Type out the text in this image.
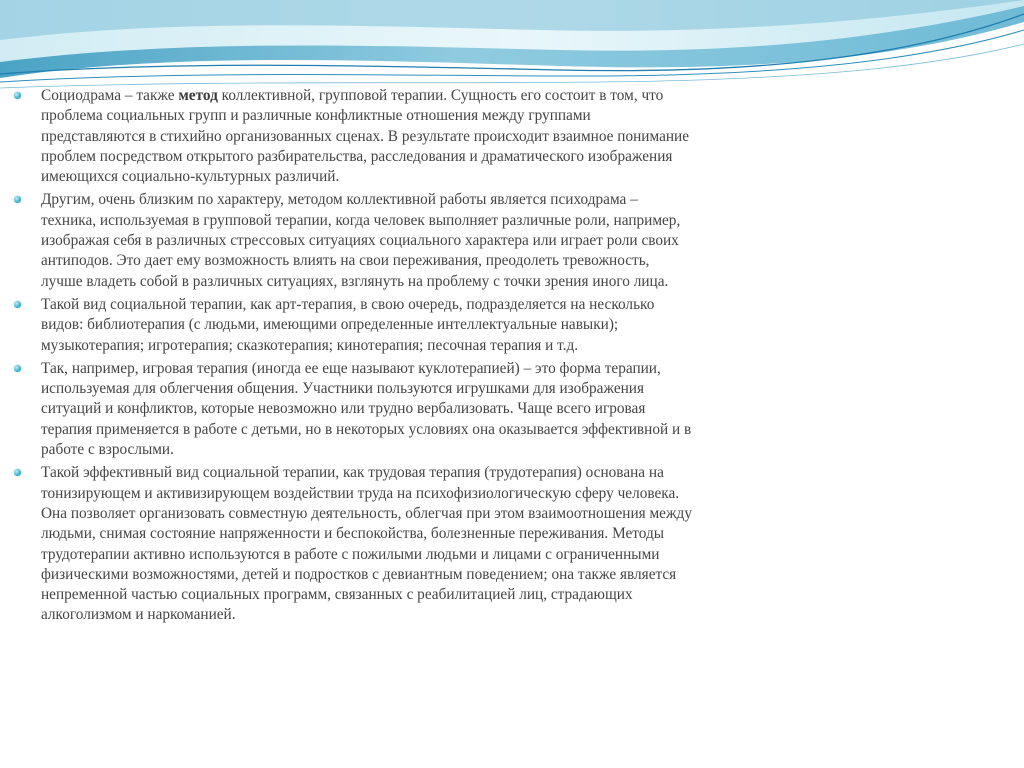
Социодрама – также метод коллективной, групповой терапии. Сущность его состоит в том, что проблема социальных групп и различные конфликтные отношения между группами представляются в стихийно организованных сценах. В результате происходит взаимное понимание проблем посредством открытого разбирательства, расследования и драматического изображения имеющихся социально-культурных различий.
Другим, очень близким по характеру, методом коллективной работы является психодрама – техника, используемая в групповой терапии, когда человек выполняет различные роли, например, изображая себя в различных стрессовых ситуациях социального характера или играет роли своих антиподов. Это дает ему возможность влиять на свои переживания, преодолеть тревожность, лучше владеть собой в различных ситуациях, взглянуть на проблему с точки зрения иного лица.
Такой вид социальной терапии, как арт-терапия, в свою очередь, подразделяется на несколько видов: библиотерапия (с людьми, имеющими определенные интеллектуальные навыки); музыкотерапия; игротерапия; сказкотерапия; кинотерапия; песочная терапия и т.д.
Так, например, игровая терапия (иногда ее еще называют куклотерапией) – это форма терапии, используемая для облегчения общения. Участники пользуются игрушками для изображения ситуаций и конфликтов, которые невозможно или трудно вербализовать. Чаще всего игровая терапия применяется в работе с детьми, но в некоторых условиях она оказывается эффективной и в работе с взрослыми.
Такой эффективный вид социальной терапии, как трудовая терапия (трудотерапия) основана на тонизирующем и активизирующем воздействии труда на психофизиологическую сферу человека. Она позволяет организовать совместную деятельность, облегчая при этом взаимоотношения между людьми, снимая состояние напряженности и беспокойства, болезненные переживания. Методы трудотерапии активно используются в работе с пожилыми людьми и лицами с ограниченными физическими возможностями, детей и подростков с девиантным поведением; она также является непременной частью социальных программ, связанных с реабилитацией лиц, страдающих алкоголизмом и наркоманией.
